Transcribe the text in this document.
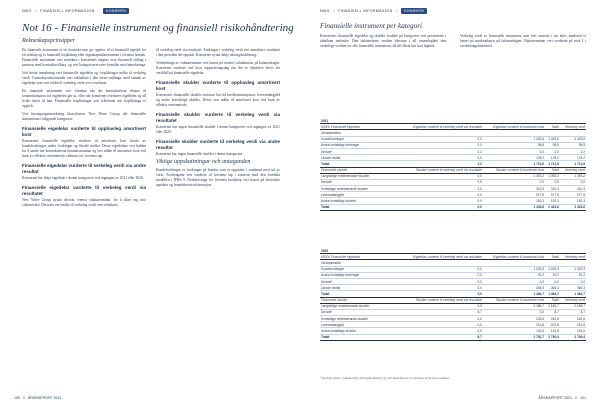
NWG // FINANSIELL INFORMASJON //	KONSERN
Not 16 - Finansielle instrument og finansiell risikohåndtering
Rekneskapsprinsipper

Eit finansielt instrument er eit kontrakt som gir opphav til ei finansiell eigedel for eit selskap og ei finansiell forplikting eller eigenkapitalinstrument i eit anna føretak. Finansielle instrument vert innrekna i konsernets rapport over finansiell stilling i samsvar med kontraktsvilkåra, og vert kategoriserte etter formålet med innrekninga.

Ved første innrekning vert finansielle eigedelar og forpliktingar målte til verkeleg verdi. Transaksjonskostnader vert inkluderte i den første målinga, med unntak av eigedelar som vert målte til verkeleg verdi over resultatet.

Eit finansielt instrument vert frårekna når dei kontraktsfesta rettane til kontantstraumar frå eigedelen går ut, eller når konsernet overfører eigedelen og all risiko knytt til han. Finansielle forpliktingar vert fråreknna når forpliktinga er oppfylt.

Ved førstegongsinnrekning klassifiserar New Wave Group dei finansielle instrumenta i følgjande kategoriar:

Finansielle eigedelar vurderte til opphavleg amortisert kost

Konsernets finansielle eigedelar vurderte til amortisert kost består av kundefordringar, andre fordringar og likvide midlar. Desse eigedelane vert haldne for å samle inn kontraktsfesta kontantstraumar og vert målte til amortisert kost ved bruk av effektiv rentemetode, redusert for forventa tap.

Finansielle eigedelar vurderte til verkeleg verdi via andre resultat

Konsernet har ikkje eigedelar i denne kategorien ved utgangen av 2021 eller 2020.

Finansielle eigedelar vurderte til verkeleg verdi via resultatet

New Wave Group nyttar derivat, fremst valutaterminar, for å sikre seg mot valutarisiko. Derivata vert målte til verkeleg verdi over resultatet.

til verkeleg verdi via resultatet. Endringar i verkeleg verdi vert innrekna i resultatet i den perioden dei oppstår. Konsernet nyttar ikkje sikringsbokføring.

Verdsettinga av valutaterminar vert basert på noterte valutakursar på balansedagen. Konsernet vurderer ved kvar rapporteringsdag om det er objektive bevis for verdifall på finansielle eigedelar.

Finansielle skulder vurderte til opphavleg amortisert kost

Konsernets finansielle skulder omfattar lån frå kredittinstitusjonar, leverandørgjeld og andre kortsiktige skulder. Desse vert målte til amortisert kost ved bruk av effektiv rentemetode.

Finansielle skulder vurderte til verkeleg verdi via resultatet

Konsernet har ingen finansielle skulder i denne kategorien ved utgangen av 2021 eller 2020.

Finansielle skulder vurderte til verkeleg verdi via andre resultat

Konsernet har ingen finansielle skulder i denne kategorien.

Viktige uppskattningar och antaganden

Kundefordringar er fordringar på kundar som er oppståtte i samband med sal av varer. Fordringane vert vurderte til forventa tap i samsvar med den forenkla modellen i IFRS 9. Nedskrivinga for forventa kredittap vert basert på historiske tapsdata og framtidsretta informasjon.

100 // ÅRSRAPPORT 2021
NWG // FINANSIELL INFORMASJON //	KONSERN
Finansielle instrument per kategori

Konsernets finansielle eigedelar og skulder fordelte på kategoriar vert presenterte i tabellane nedanfor. Den balanseførte verdien tilsvarar i all vesentlegheit den verkelege verdien for alle finansielle instrument, då dei fleste har kort løpetid.

Verkeleg verdi av finansielle instrument som vert omsette i ein aktiv marknad er basert på marknadspris på balansedagen. Valutaterminar vert verdsette på nivå 2 i verdsettingshierarkiet.

2021				
MSEK Finansielle eigedelar	Eigedelar vurderte til verkeleg verdi via resultatet	Eigedelar vurderte til amortisert kost	Totalt	Verkeleg verdi
Omløpsmidlar				
Kundefordringar	0,0	1 433,6	1 433,6	1 433,6
Andre kortsiktige fordringar	0,0	98,8	98,8	98,8
Derivat*	2,2	0,0	2,2	2,2
Likvide midlar	0,0	178,2	178,2	178,2
Totalt	2,2	1 710,6	1 712,8	1 712,8
Finansielle skulder	Skulder vurderte til verkeleg verdi via resultatet	Skulder vurderte til amortisert kost	Totalt	Verkeleg verdi
Langsiktige rentebærande skulder	0,0	1 393,2	1 393,2	1 393,2
Derivat*	0,0	0,0	0,0	0,0
Kortsiktige rentebærande skulder	0,0	310,3	310,3	310,3
Leverandørgjeld	0,0	577,8	577,8	577,8
Andre kortsiktige skulder	0,0	152,3	152,3	152,3
Totalt	0,0	2 433,6	2 433,6	2 433,6
2020				
MSEK Finansielle eigedelar	Eigedelar vurderte til verkeleg verdi via resultatet	Eigedelar vurderte til amortisert kost	Totalt	Verkeleg verdi
Omløpsmidlar				
Kundefordringar	0,0	1 029,3	1 029,3	1 029,3
Andre kortsiktige fordringar	0,0	91,2	91,2	91,2
Derivat*	0,0	0,0	0,0	0,0
Likvide midlar	0,0	364,3	364,3	364,3
Totalt	0,0	1 484,7	1 484,7	1 484,7
Finansielle skulder	Skulder vurderte til verkeleg verdi via resultatet	Skulder vurderte til amortisert kost	Totalt	Verkeleg verdi
Langsiktige rentebærande skulder	0,0	2 185,7	2 185,7	2 185,7
Derivat*	8,7	0,0	8,7	8,7
Kortsiktige rentebærande skulder	0,0	242,6	242,6	242,6
Leverandørgjeld	0,0	221,8	221,8	221,8
Andre kortsiktige skulder	0,0	131,6	131,6	131,6
Totalt	8,7	2 781,7	2 790,4	2 790,4
* Derivat nyttar i praksis ikkje sikringsbokføring og vert klassifiserte til verkeleg verdi via resultatet.
ÅRSRAPPORT 2021 // 101
